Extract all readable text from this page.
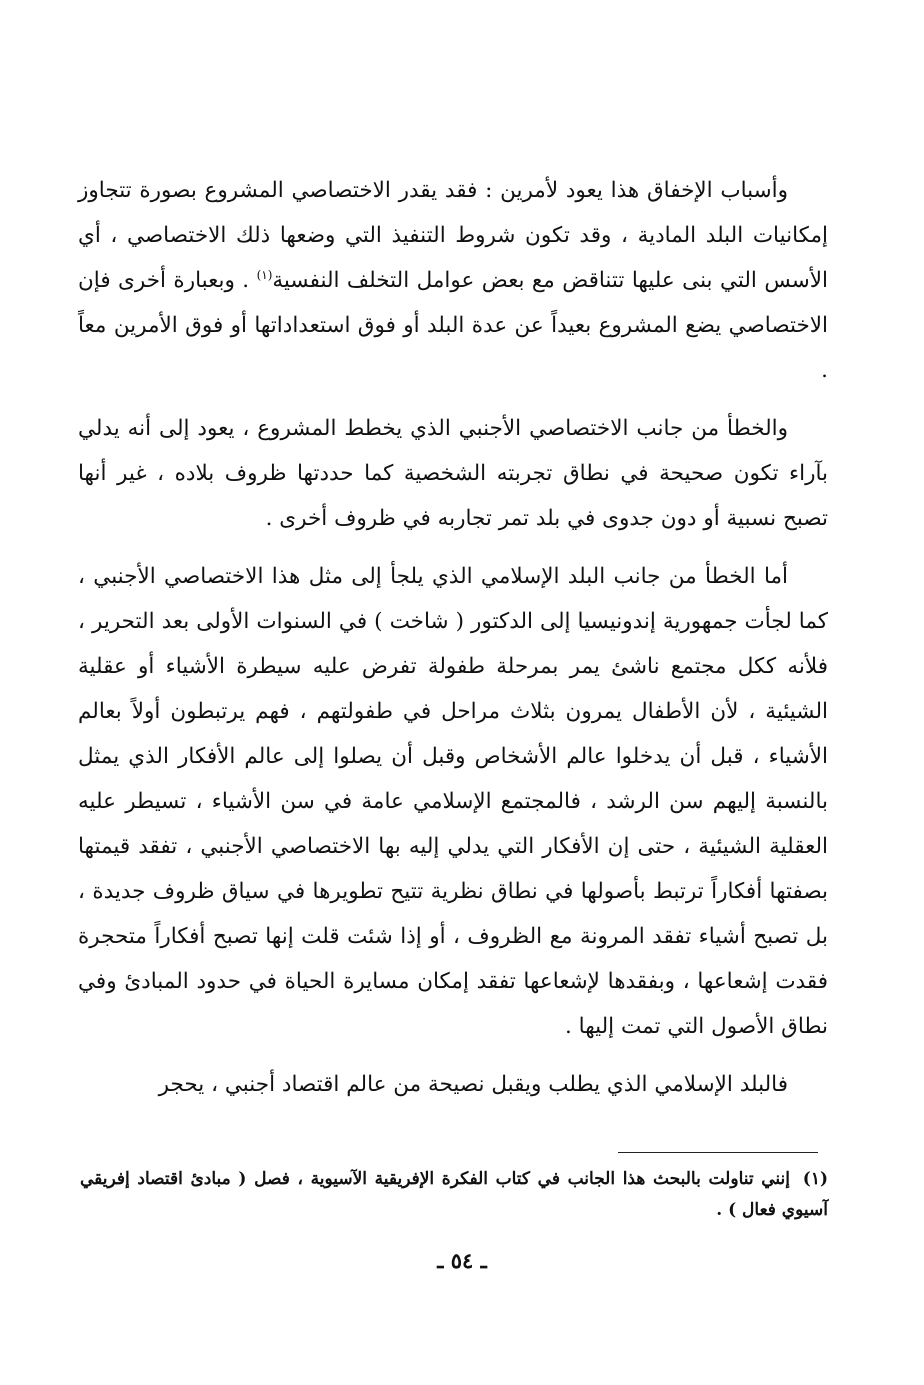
وأسباب الإخفاق هذا يعود لأمرين : فقد يقدر الاختصاصي المشروع بصورة تتجاوز إمكانيات البلد المادية ، وقد تكون شروط التنفيذ التي وضعها ذلك الاختصاصي ، أي الأسس التي بنى عليها تتناقض مع بعض عوامل التخلف النفسية$^{(١)}$ . وبعبارة أخرى فإن الاختصاصي يضع المشروع بعيداً عن عدة البلد أو فوق استعداداتها أو فوق الأمرين معاً .

والخطأ من جانب الاختصاصي الأجنبي الذي يخطط المشروع ، يعود إلى أنه يدلي بآراء تكون صحيحة في نطاق تجربته الشخصية كما حددتها ظروف بلاده ، غير أنها تصبح نسبية أو دون جدوى في بلد تمر تجاربه في ظروف أخرى .

أما الخطأ من جانب البلد الإسلامي الذي يلجأ إلى مثل هذا الاختصاصي الأجنبي ، كما لجأت جمهورية إندونيسيا إلى الدكتور ( شاخت ) في السنوات الأولى بعد التحرير ، فلأنه ككل مجتمع ناشئ يمر بمرحلة طفولة تفرض عليه سيطرة الأشياء أو عقلية الشيئية ، لأن الأطفال يمرون بثلاث مراحل في طفولتهم ، فهم يرتبطون أولاً بعالم الأشياء ، قبل أن يدخلوا عالم الأشخاص وقبل أن يصلوا إلى عالم الأفكار الذي يمثل بالنسبة إليهم سن الرشد ، فالمجتمع الإسلامي عامة في سن الأشياء ، تسيطر عليه العقلية الشيئية ، حتى إن الأفكار التي يدلي إليه بها الاختصاصي الأجنبي ، تفقد قيمتها بصفتها أفكاراً ترتبط بأصولها في نطاق نظرية تتيح تطويرها في سياق ظروف جديدة ، بل تصبح أشياء تفقد المرونة مع الظروف ، أو إذا شئت قلت إنها تصبح أفكاراً متحجرة فقدت إشعاعها ، وبفقدها لإشعاعها تفقد إمكان مسايرة الحياة في حدود المبادئ وفي نطاق الأصول التي تمت إليها .

فالبلد الإسلامي الذي يطلب ويقبل نصيحة من عالم اقتصاد أجنبي ، يحجر

(١)إنني تناولت بالبحث هذا الجانب في كتاب الفكرة الإفريقية الآسيوية ، فصل ( مبادئ اقتصاد إفريقي آسيوي فعال ) .
ـ ٥٤ ـ
